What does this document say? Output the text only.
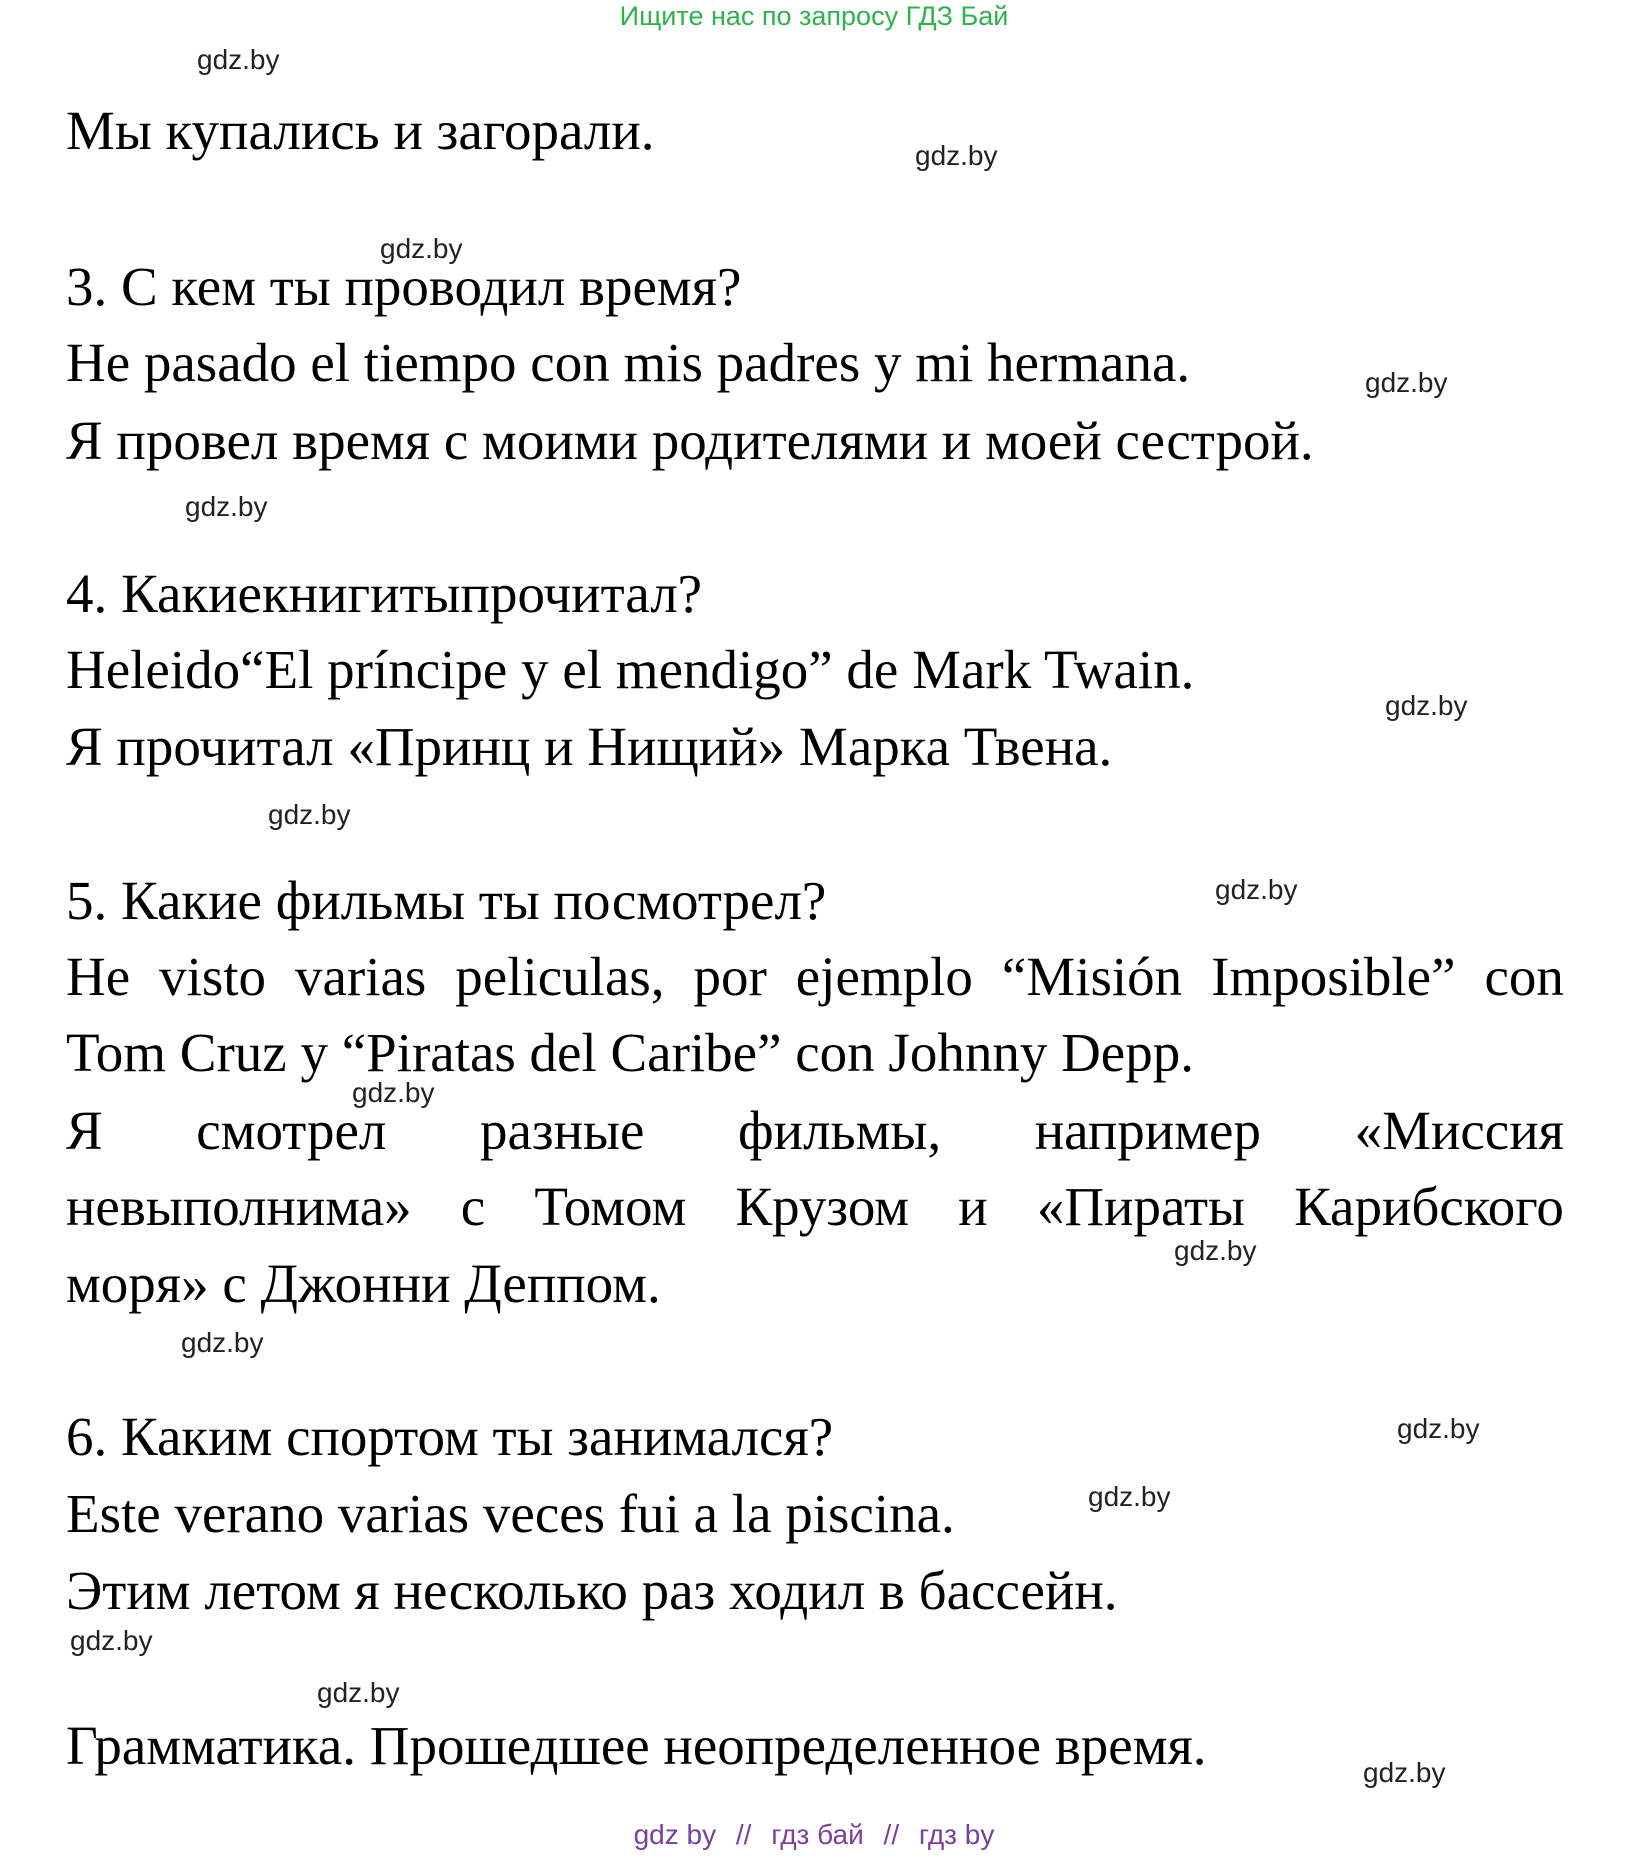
Ищите нас по запросу ГДЗ Бай
Мы купались и загорали.
3. С кем ты проводил время?
He pasado el tiempo con mis padres y mi hermana.
Я провел время с моими родителями и моей сестрой.
4. Какиекнигитыпрочитал?
Heleido“El príncipe y el mendigo” de Mark Twain.
Я прочитал «Принц и Нищий» Марка Твена.
5. Какие фильмы ты посмотрел?
He visto varias peliculas, por ejemplo “Misión Imposible” con
Tom Cruz y “Piratas del Caribe” con Johnny Depp.
Я смотрел разные фильмы, например «Миссия
невыполнима» с Томом Крузом и «Пираты Карибского
моря» с Джонни Деппом.
6. Каким спортом ты занимался?
Este verano varias veces fui a la piscina.
Этим летом я несколько раз ходил в бассейн.
Грамматика. Прошедшее неопределенное время.
gdz.by
gdz.by
gdz.by
gdz.by
gdz.by
gdz.by
gdz.by
gdz.by
gdz.by
gdz.by
gdz.by
gdz.by
gdz.by
gdz.by
gdz.by
gdz.by
gdz by // гдз бай // гдз by
